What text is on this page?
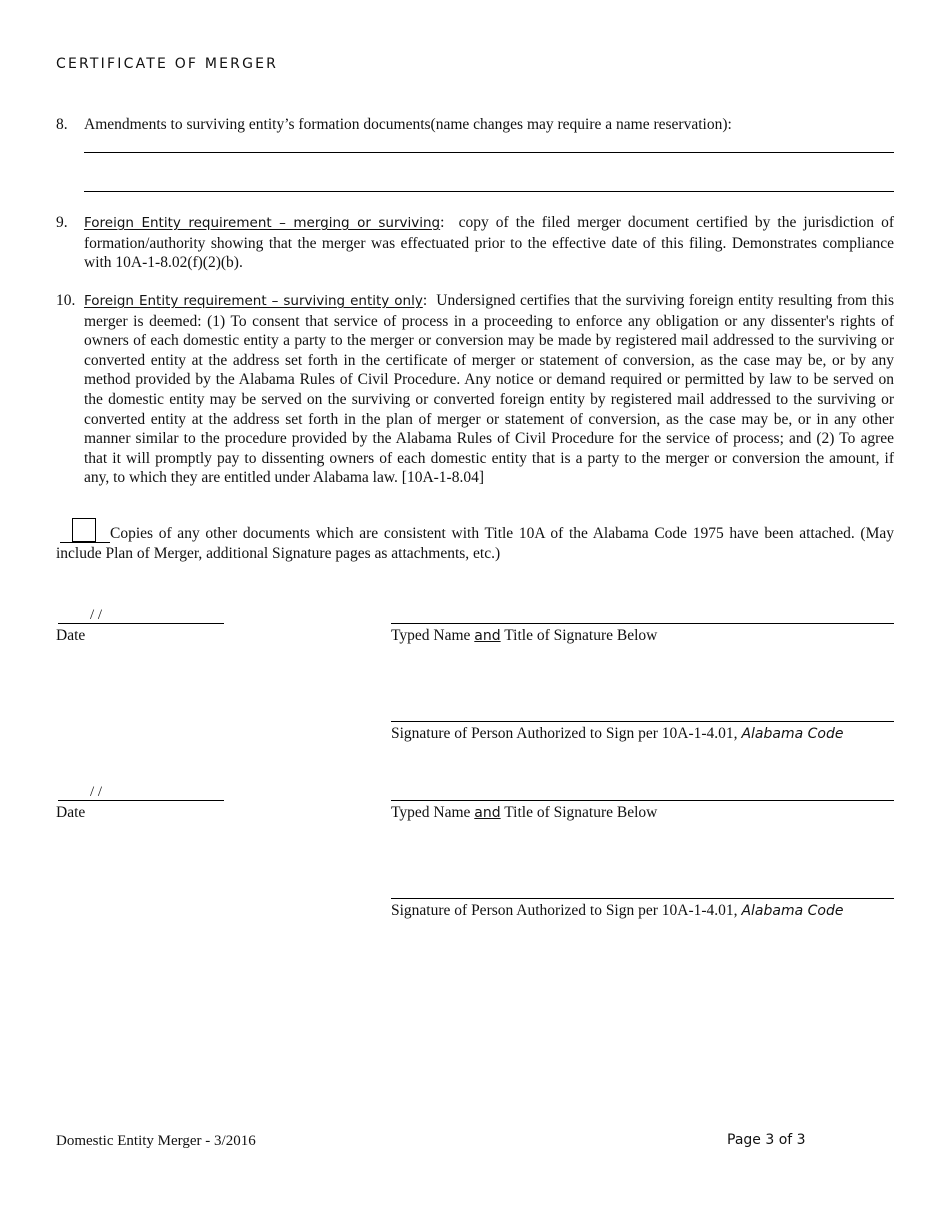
CERTIFICATE OF MERGER
8. Amendments to surviving entity’s formation documents(name changes may require a name reservation):
9. Foreign Entity requirement – merging or surviving:  copy of the filed merger document certified by the jurisdiction of formation/authority showing that the merger was effectuated prior to the effective date of this filing. Demonstrates compliance with 10A-1-8.02(f)(2)(b).
10. Foreign Entity requirement – surviving entity only:  Undersigned certifies that the surviving foreign entity resulting from this merger is deemed: (1) To consent that service of process in a proceeding to enforce any obligation or any dissenter's rights of owners of each domestic entity a party to the merger or conversion may be made by registered mail addressed to the surviving or converted entity at the address set forth in the certificate of merger or statement of conversion, as the case may be, or by any method provided by the Alabama Rules of Civil Procedure. Any notice or demand required or permitted by law to be served on the domestic entity may be served on the surviving or converted foreign entity by registered mail addressed to the surviving or converted entity at the address set forth in the plan of merger or statement of conversion, as the case may be, or in any other manner similar to the procedure provided by the Alabama Rules of Civil Procedure for the service of process; and (2) To agree that it will promptly pay to dissenting owners of each domestic entity that is a party to the merger or conversion the amount, if any, to which they are entitled under Alabama law. [10A-1-8.04]
Copies of any other documents which are consistent with Title 10A of the Alabama Code 1975 have been attached. (May include Plan of Merger, additional Signature pages as attachments, etc.)
/ /
Date	Typed Name and Title of Signature Below
Signature of Person Authorized to Sign per 10A-1-4.01, Alabama Code
/ /
Date	Typed Name and Title of Signature Below
Signature of Person Authorized to Sign per 10A-1-4.01, Alabama Code
Domestic Entity Merger - 3/2016	Page 3 of 3
